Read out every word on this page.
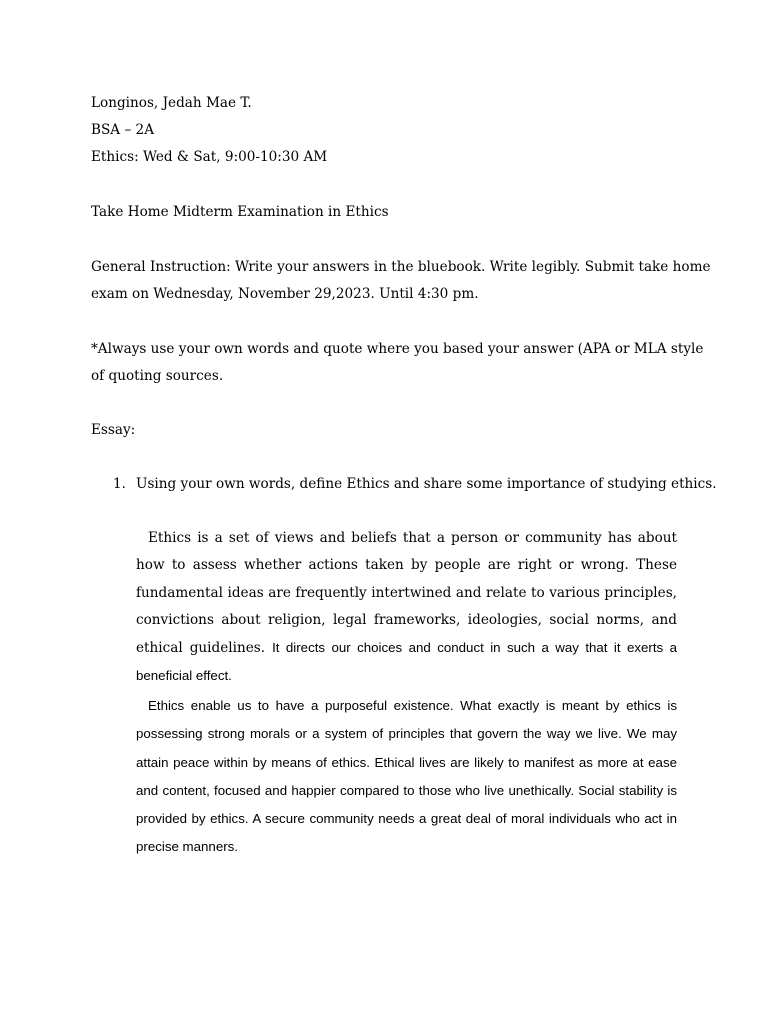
Longinos, Jedah Mae T.
BSA – 2A
Ethics: Wed & Sat, 9:00-10:30 AM
Take Home Midterm Examination in Ethics
General Instruction: Write your answers in the bluebook. Write legibly. Submit take home
exam on Wednesday, November 29,2023. Until 4:30 pm.
*Always use your own words and quote where you based your answer (APA or MLA style
of quoting sources.
Essay:
1. Using your own words, define Ethics and share some importance of studying ethics.
Ethics is a set of views and beliefs that a person or community has about how to assess whether actions taken by people are right or wrong. These fundamental ideas are frequently intertwined and relate to various principles, convictions about religion, legal frameworks, ideologies, social norms, and ethical guidelines. It directs our choices and conduct in such a way that it exerts a beneficial effect.
Ethics enable us to have a purposeful existence. What exactly is meant by ethics is possessing strong morals or a system of principles that govern the way we live. We may attain peace within by means of ethics. Ethical lives are likely to manifest as more at ease and content, focused and happier compared to those who live unethically. Social stability is provided by ethics. A secure community needs a great deal of moral individuals who act in precise manners.
